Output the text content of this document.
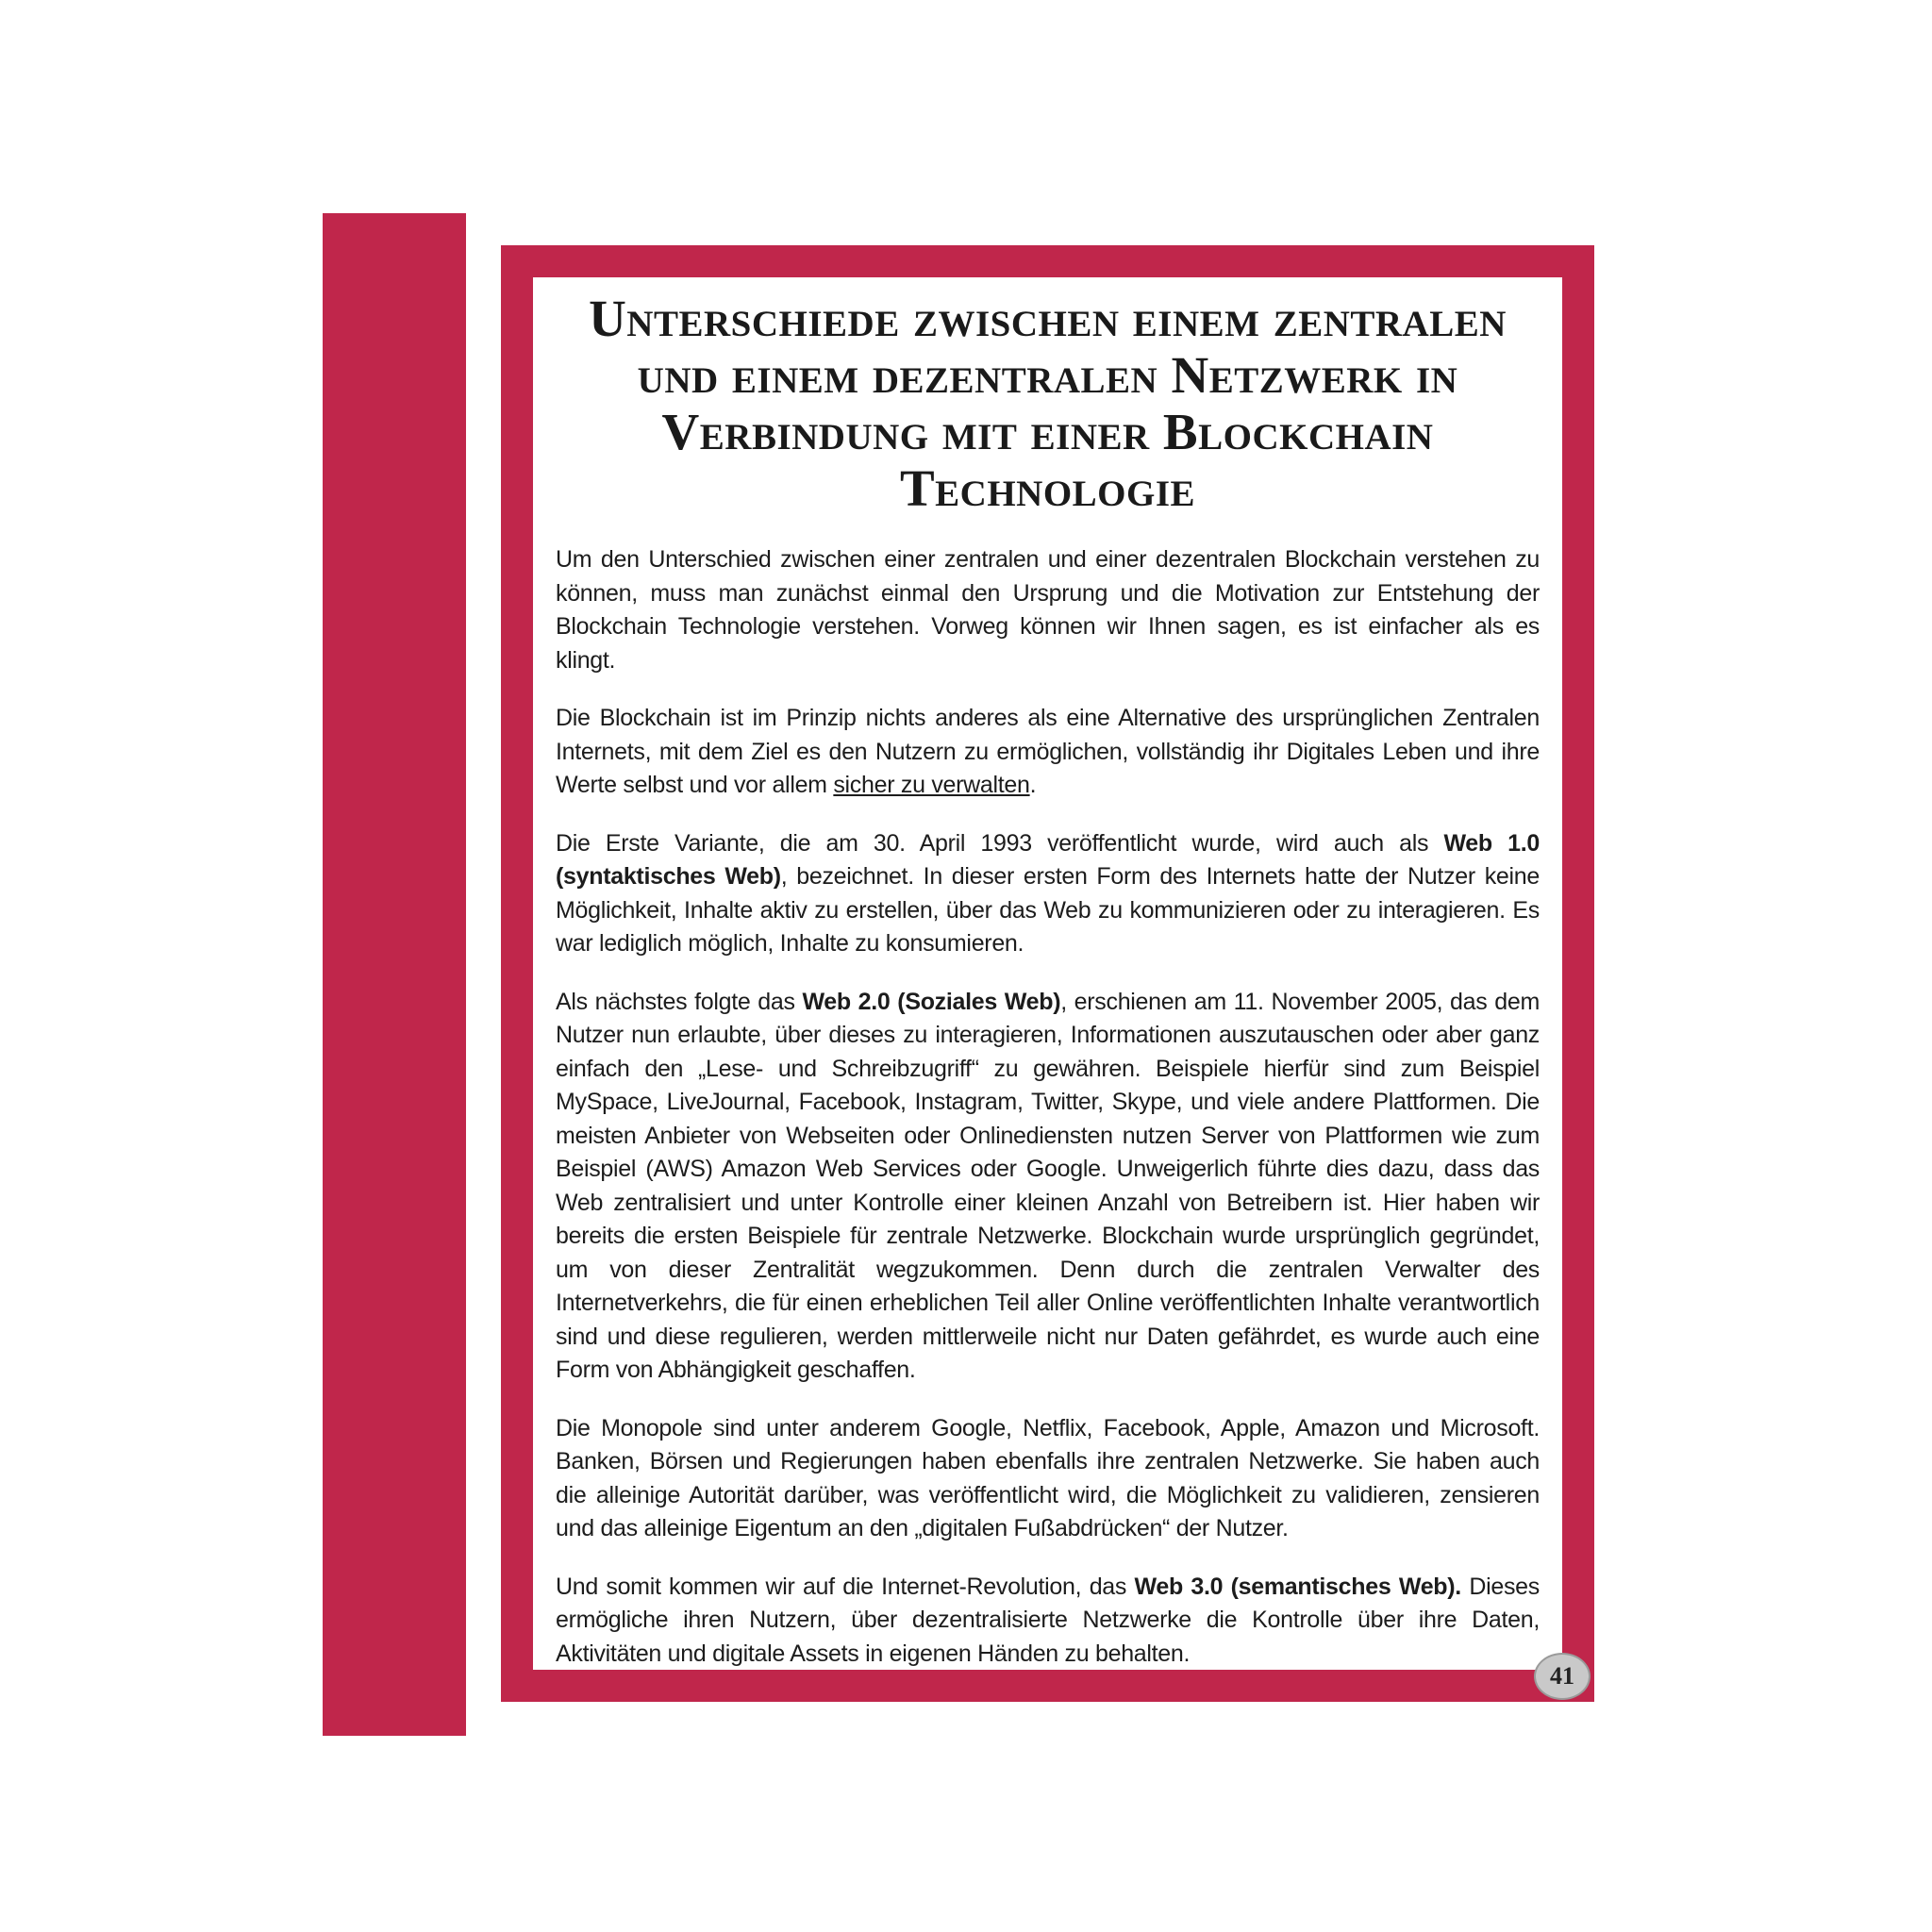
Unterschiede zwischen einem zentralen und einem dezentralen Netzwerk in Verbindung mit einer Blockchain Technologie

Um den Unterschied zwischen einer zentralen und einer dezentralen Blockchain verstehen zu können, muss man zunächst einmal den Ursprung und die Motivation zur Entstehung der Blockchain Technologie verstehen. Vorweg können wir Ihnen sagen, es ist einfacher als es klingt.

Die Blockchain ist im Prinzip nichts anderes als eine Alternative des ursprünglichen Zentralen Internets, mit dem Ziel es den Nutzern zu ermöglichen, vollständig ihr Digitales Leben und ihre Werte selbst und vor allem sicher zu verwalten.

Die Erste Variante, die am 30. April 1993 veröffentlicht wurde, wird auch als Web 1.0 (syntaktisches Web), bezeichnet. In dieser ersten Form des Internets hatte der Nutzer keine Möglichkeit, Inhalte aktiv zu erstellen, über das Web zu kommunizieren oder zu interagieren. Es war lediglich möglich, Inhalte zu konsumieren.

Als nächstes folgte das Web 2.0 (Soziales Web), erschienen am 11. November 2005, das dem Nutzer nun erlaubte, über dieses zu interagieren, Informationen auszutauschen oder aber ganz einfach den „Lese- und Schreibzugriff“ zu gewähren. Beispiele hierfür sind zum Beispiel MySpace, LiveJournal, Facebook, Instagram, Twitter, Skype, und viele andere Plattformen. Die meisten Anbieter von Webseiten oder Onlinediensten nutzen Server von Plattformen wie zum Beispiel (AWS) Amazon Web Services oder Google. Unweigerlich führte dies dazu, dass das Web zentralisiert und unter Kontrolle einer kleinen Anzahl von Betreibern ist. Hier haben wir bereits die ersten Beispiele für zentrale Netzwerke. Blockchain wurde ursprünglich gegründet, um von dieser Zentralität wegzukommen. Denn durch die zentralen Verwalter des Internetverkehrs, die für einen erheblichen Teil aller Online veröffentlichten Inhalte verantwortlich sind und diese regulieren, werden mittlerweile nicht nur Daten gefährdet, es wurde auch eine Form von Abhängigkeit geschaffen.

Die Monopole sind unter anderem Google, Netflix, Facebook, Apple, Amazon und Microsoft. Banken, Börsen und Regierungen haben ebenfalls ihre zentralen Netzwerke. Sie haben auch die alleinige Autorität darüber, was veröffentlicht wird, die Möglichkeit zu validieren, zensieren und das alleinige Eigentum an den „digitalen Fußabdrücken“ der Nutzer.

Und somit kommen wir auf die Internet-Revolution, das Web 3.0 (semantisches Web). Dieses ermögliche ihren Nutzern, über dezentralisierte Netzwerke die Kontrolle über ihre Daten, Aktivitäten und digitale Assets in eigenen Händen zu behalten.

41
